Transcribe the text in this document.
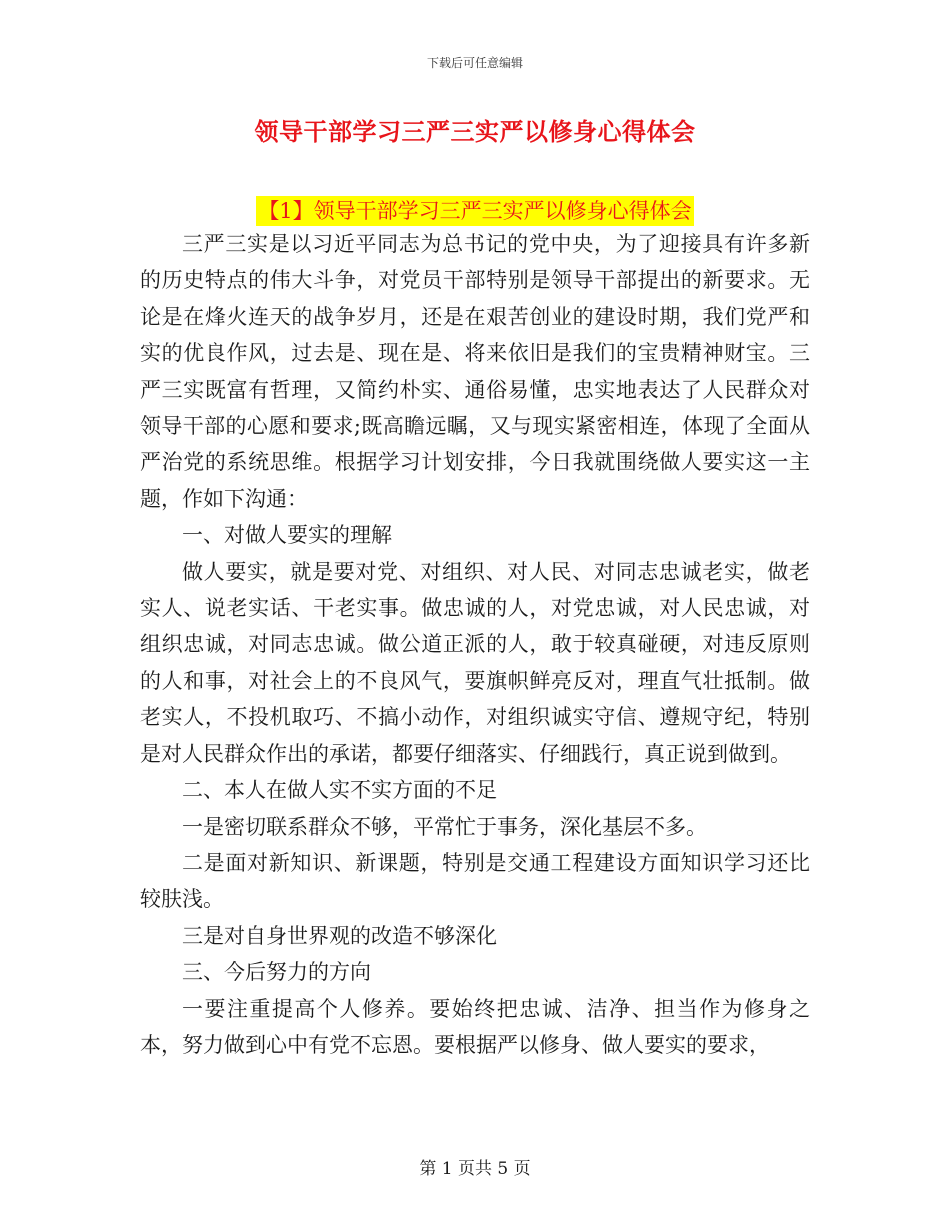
下载后可任意编辑
领导干部学习三严三实严以修身心得体会
【1】领导干部学习三严三实严以修身心得体会

三严三实是以习近平同志为总书记的党中央，为了迎接具有许多新的历史特点的伟大斗争，对党员干部特别是领导干部提出的新要求。无论是在烽火连天的战争岁月，还是在艰苦创业的建设时期，我们党严和实的优良作风，过去是、现在是、将来依旧是我们的宝贵精神财宝。三严三实既富有哲理，又简约朴实、通俗易懂，忠实地表达了人民群众对领导干部的心愿和要求;既高瞻远瞩，又与现实紧密相连，体现了全面从严治党的系统思维。根据学习计划安排，今日我就围绕做人要实这一主题，作如下沟通：

一、对做人要实的理解

做人要实，就是要对党、对组织、对人民、对同志忠诚老实，做老实人、说老实话、干老实事。做忠诚的人，对党忠诚，对人民忠诚，对组织忠诚，对同志忠诚。做公道正派的人，敢于较真碰硬，对违反原则的人和事，对社会上的不良风气，要旗帜鲜亮反对，理直气壮抵制。做老实人，不投机取巧、不搞小动作，对组织诚实守信、遵规守纪，特别是对人民群众作出的承诺，都要仔细落实、仔细践行，真正说到做到。

二、本人在做人实不实方面的不足

一是密切联系群众不够，平常忙于事务，深化基层不多。

二是面对新知识、新课题，特别是交通工程建设方面知识学习还比较肤浅。

三是对自身世界观的改造不够深化

三、今后努力的方向

一要注重提高个人修养。要始终把忠诚、洁净、担当作为修身之本，努力做到心中有党不忘恩。要根据严以修身、做人要实的要求，

第 1 页共 5 页
